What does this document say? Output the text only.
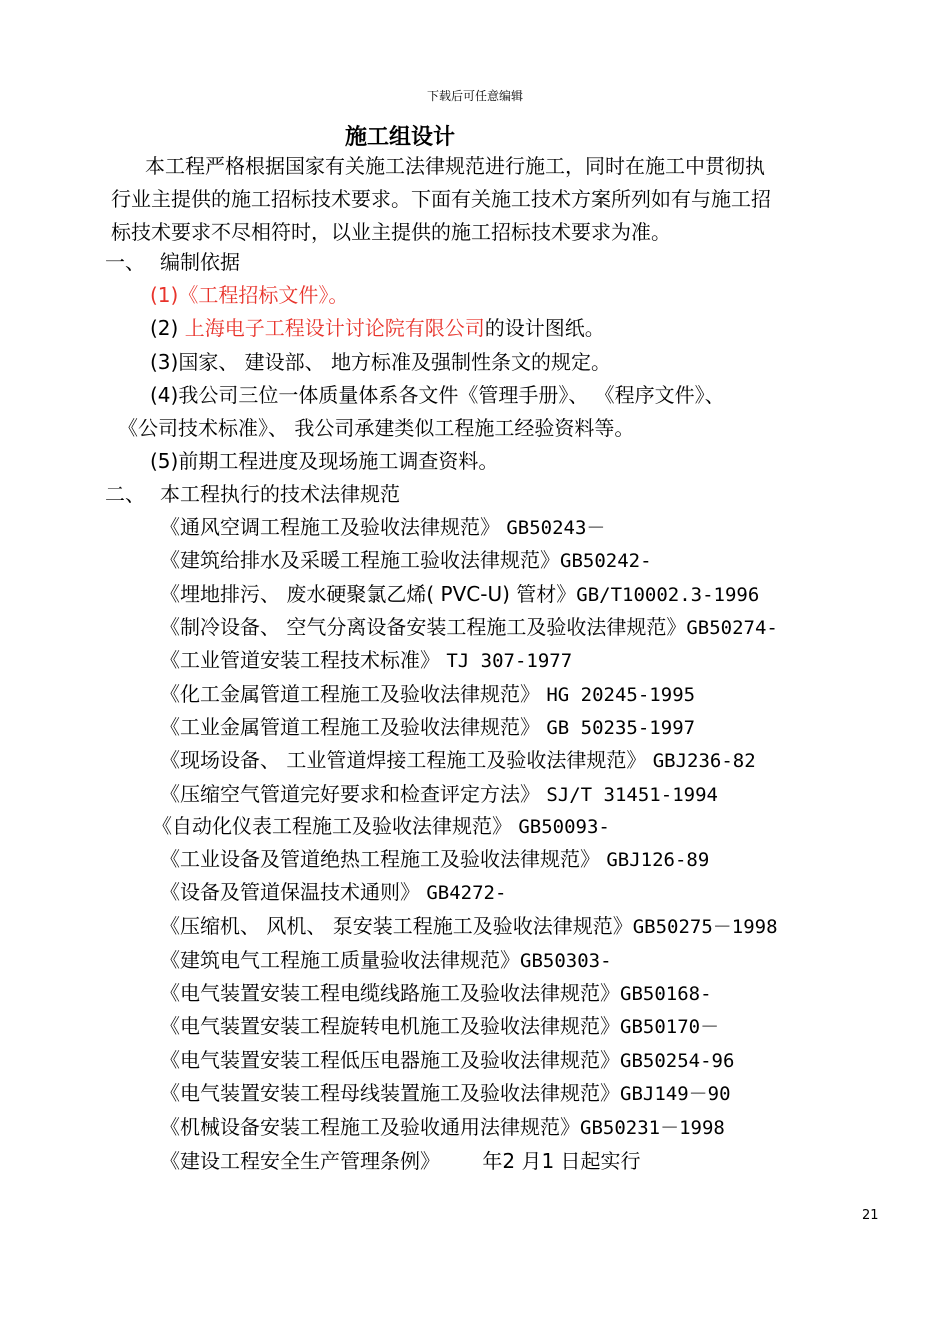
下载后可任意编辑
施工组设计
本工程严格根据国家有关施工法律规范进行施工，同时在施工中贯彻执
行业主提供的施工招标技术要求。下面有关施工技术方案所列如有与施工招
标技术要求不尽相符时，以业主提供的施工招标技术要求为准。
一、 编制依据
(1)《工程招标文件》。
(2) 上海电子工程设计讨论院有限公司的设计图纸。
(3)国家、 建设部、 地方标准及强制性条文的规定。
(4)我公司三位一体质量体系各文件《管理手册》、 《程序文件》、
《公司技术标准》、 我公司承建类似工程施工经验资料等。
(5)前期工程进度及现场施工调查资料。
二、 本工程执行的技术法律规范
《通风空调工程施工及验收法律规范》 GB50243－
《建筑给排水及采暖工程施工验收法律规范》GB50242-
《埋地排污、 废水硬聚氯乙烯( PVC-U) 管材》GB/T10002.3-1996
《制冷设备、 空气分离设备安装工程施工及验收法律规范》GB50274-
《工业管道安装工程技术标准》 TJ 307-1977
《化工金属管道工程施工及验收法律规范》 HG 20245-1995
《工业金属管道工程施工及验收法律规范》 GB 50235-1997
《现场设备、 工业管道焊接工程施工及验收法律规范》 GBJ236-82
《压缩空气管道完好要求和检查评定方法》 SJ/T 31451-1994
《自动化仪表工程施工及验收法律规范》 GB50093-
《工业设备及管道绝热工程施工及验收法律规范》 GBJ126-89
《设备及管道保温技术通则》 GB4272-
《压缩机、 风机、 泵安装工程施工及验收法律规范》GB50275－1998
《建筑电气工程施工质量验收法律规范》GB50303-
《电气装置安装工程电缆线路施工及验收法律规范》GB50168-
《电气装置安装工程旋转电机施工及验收法律规范》GB50170－
《电气装置安装工程低压电器施工及验收法律规范》GB50254-96
《电气装置安装工程母线装置施工及验收法律规范》GBJ149－90
《机械设备安装工程施工及验收通用法律规范》GB50231－1998
《建设工程安全生产管理条例》 年2 月1 日起实行
21
